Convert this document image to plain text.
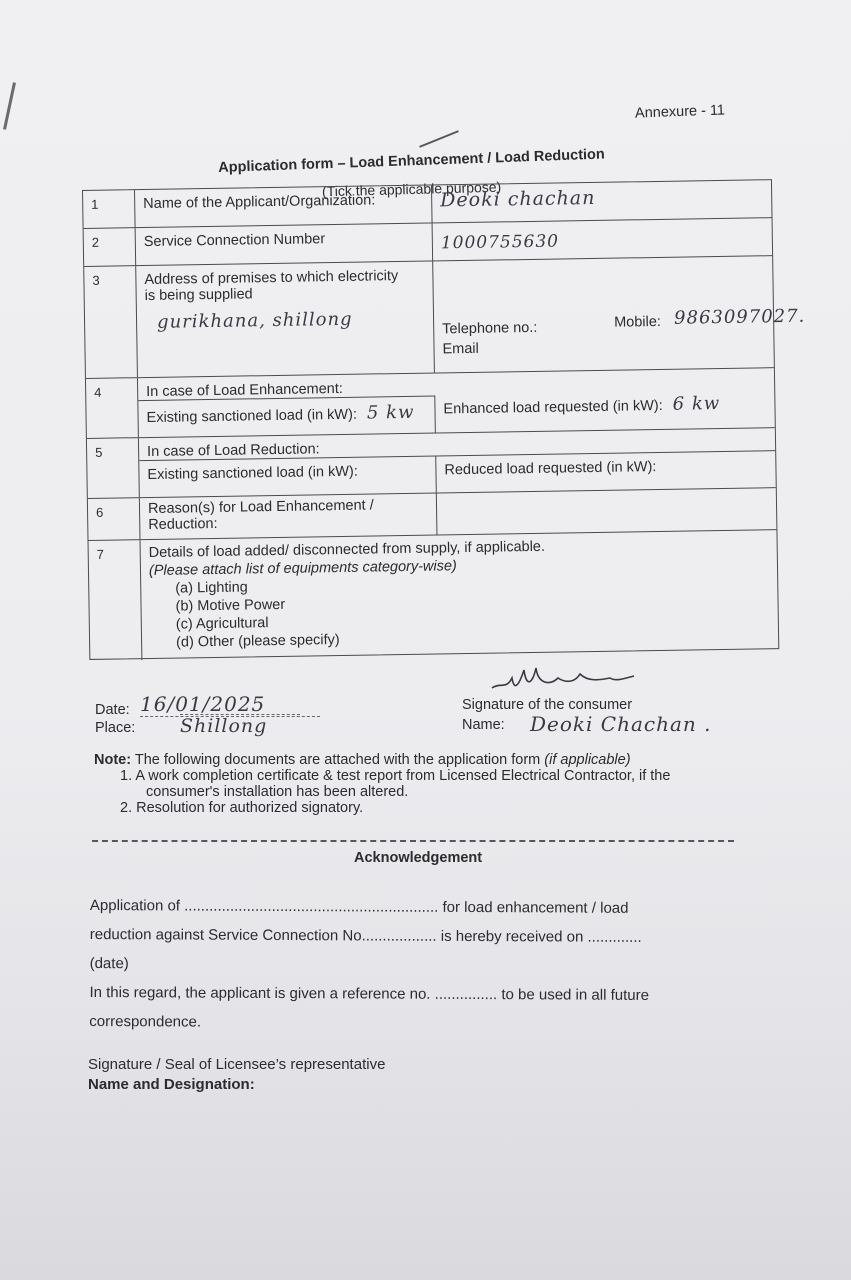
Annexure - 11
Application form – Load Enhancement / Load Reduction
(Tick the applicable purpose)
1	Name of the Applicant/Organization:	Deoki chachan
2	Service Connection Number	1000755630
3	Address of premises to which electricity
is being supplied
gurikhana, shillong	Telephone no.:
Email
Mobile: 9863097027.
4	In case of Load Enhancement:
Existing sanctioned load (in kW): 5 kw	Enhanced load requested (in kW): 6 kw
5	In case of Load Reduction:
Existing sanctioned load (in kW):	Reduced load requested (in kW):
6	Reason(s) for Load Enhancement /
Reduction:
7	Details of load added/ disconnected from supply, if applicable.
(Please attach list of equipments category-wise)
(a) Lighting
(b) Motive Power
(c) Agricultural
(d) Other (please specify)
Date: 16/01/2025
Place: Shillong
Signature of the consumer
Name: Deoki Chachan .
Note: The following documents are attached with the application form (if applicable)
1. A work completion certificate & test report from Licensed Electrical Contractor, if the
consumer's installation has been altered.
2. Resolution for authorized signatory.
Acknowledgement

Application of ............................................................. for load enhancement / load

reduction against Service Connection No.................. is hereby received on .............

(date)

In this regard, the applicant is given a reference no. ............... to be used in all future

correspondence.

Signature / Seal of Licensee’s representative
Name and Designation:
